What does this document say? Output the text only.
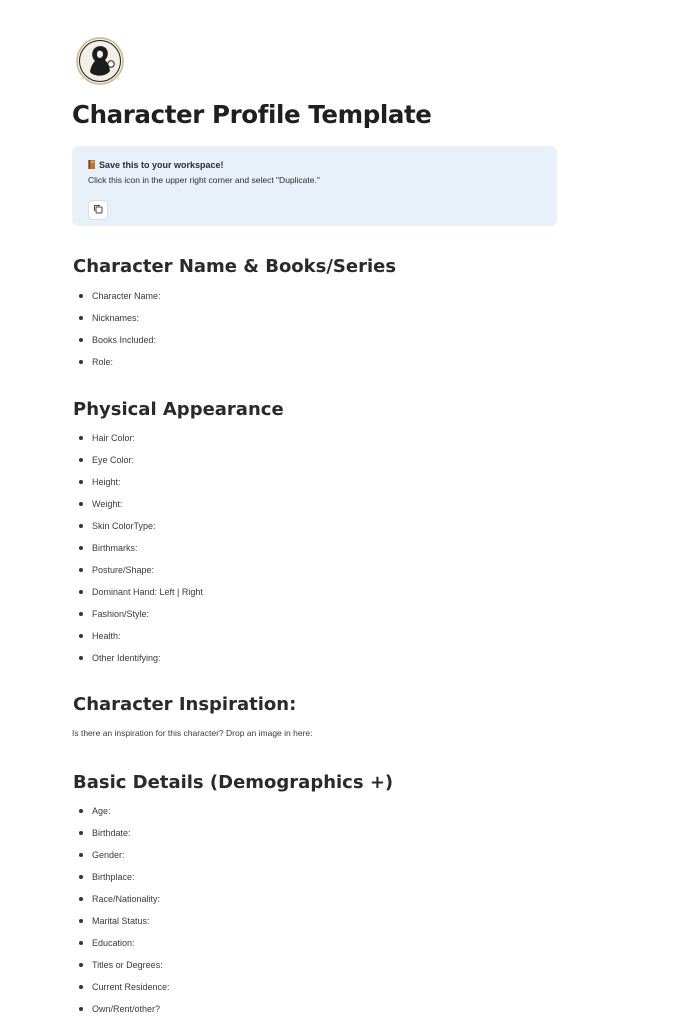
Character Profile Template
Save this to your workspace!
Click this icon in the upper right corner and select "Duplicate."
Character Name & Books/Series
Character Name:
Nicknames:
Books Included:
Role:
Physical Appearance
Hair Color:
Eye Color:
Height:
Weight:
Skin ColorType:
Birthmarks:
Posture/Shape:
Dominant Hand: Left | Right
Fashion/Style:
Health:
Other Identifying:
Character Inspiration:

Is there an inspiration for this character? Drop an image in here:

Basic Details (Demographics +)
Age:
Birthdate:
Gender:
Birthplace:
Race/Nationality:
Marital Status:
Education:
Titles or Degrees:
Current Residence:
Own/Rent/other?
